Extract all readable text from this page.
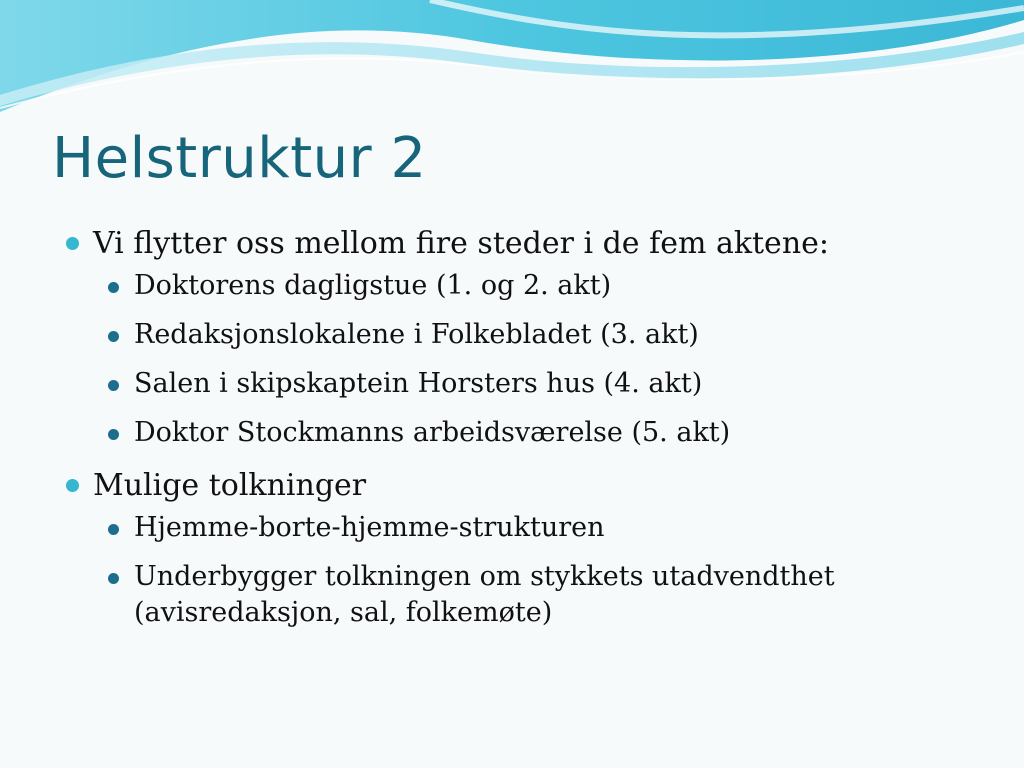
Helstruktur 2
Vi flytter oss mellom fire steder i de fem aktene:
Doktorens dagligstue (1. og 2. akt)
Redaksjonslokalene i Folkebladet (3. akt)
Salen i skipskaptein Horsters hus (4. akt)
Doktor Stockmanns arbeidsværelse (5. akt)
Mulige tolkninger
Hjemme-borte-hjemme-strukturen
Underbygger tolkningen om stykkets utadvendthet (avisredaksjon, sal, folkemøte)
